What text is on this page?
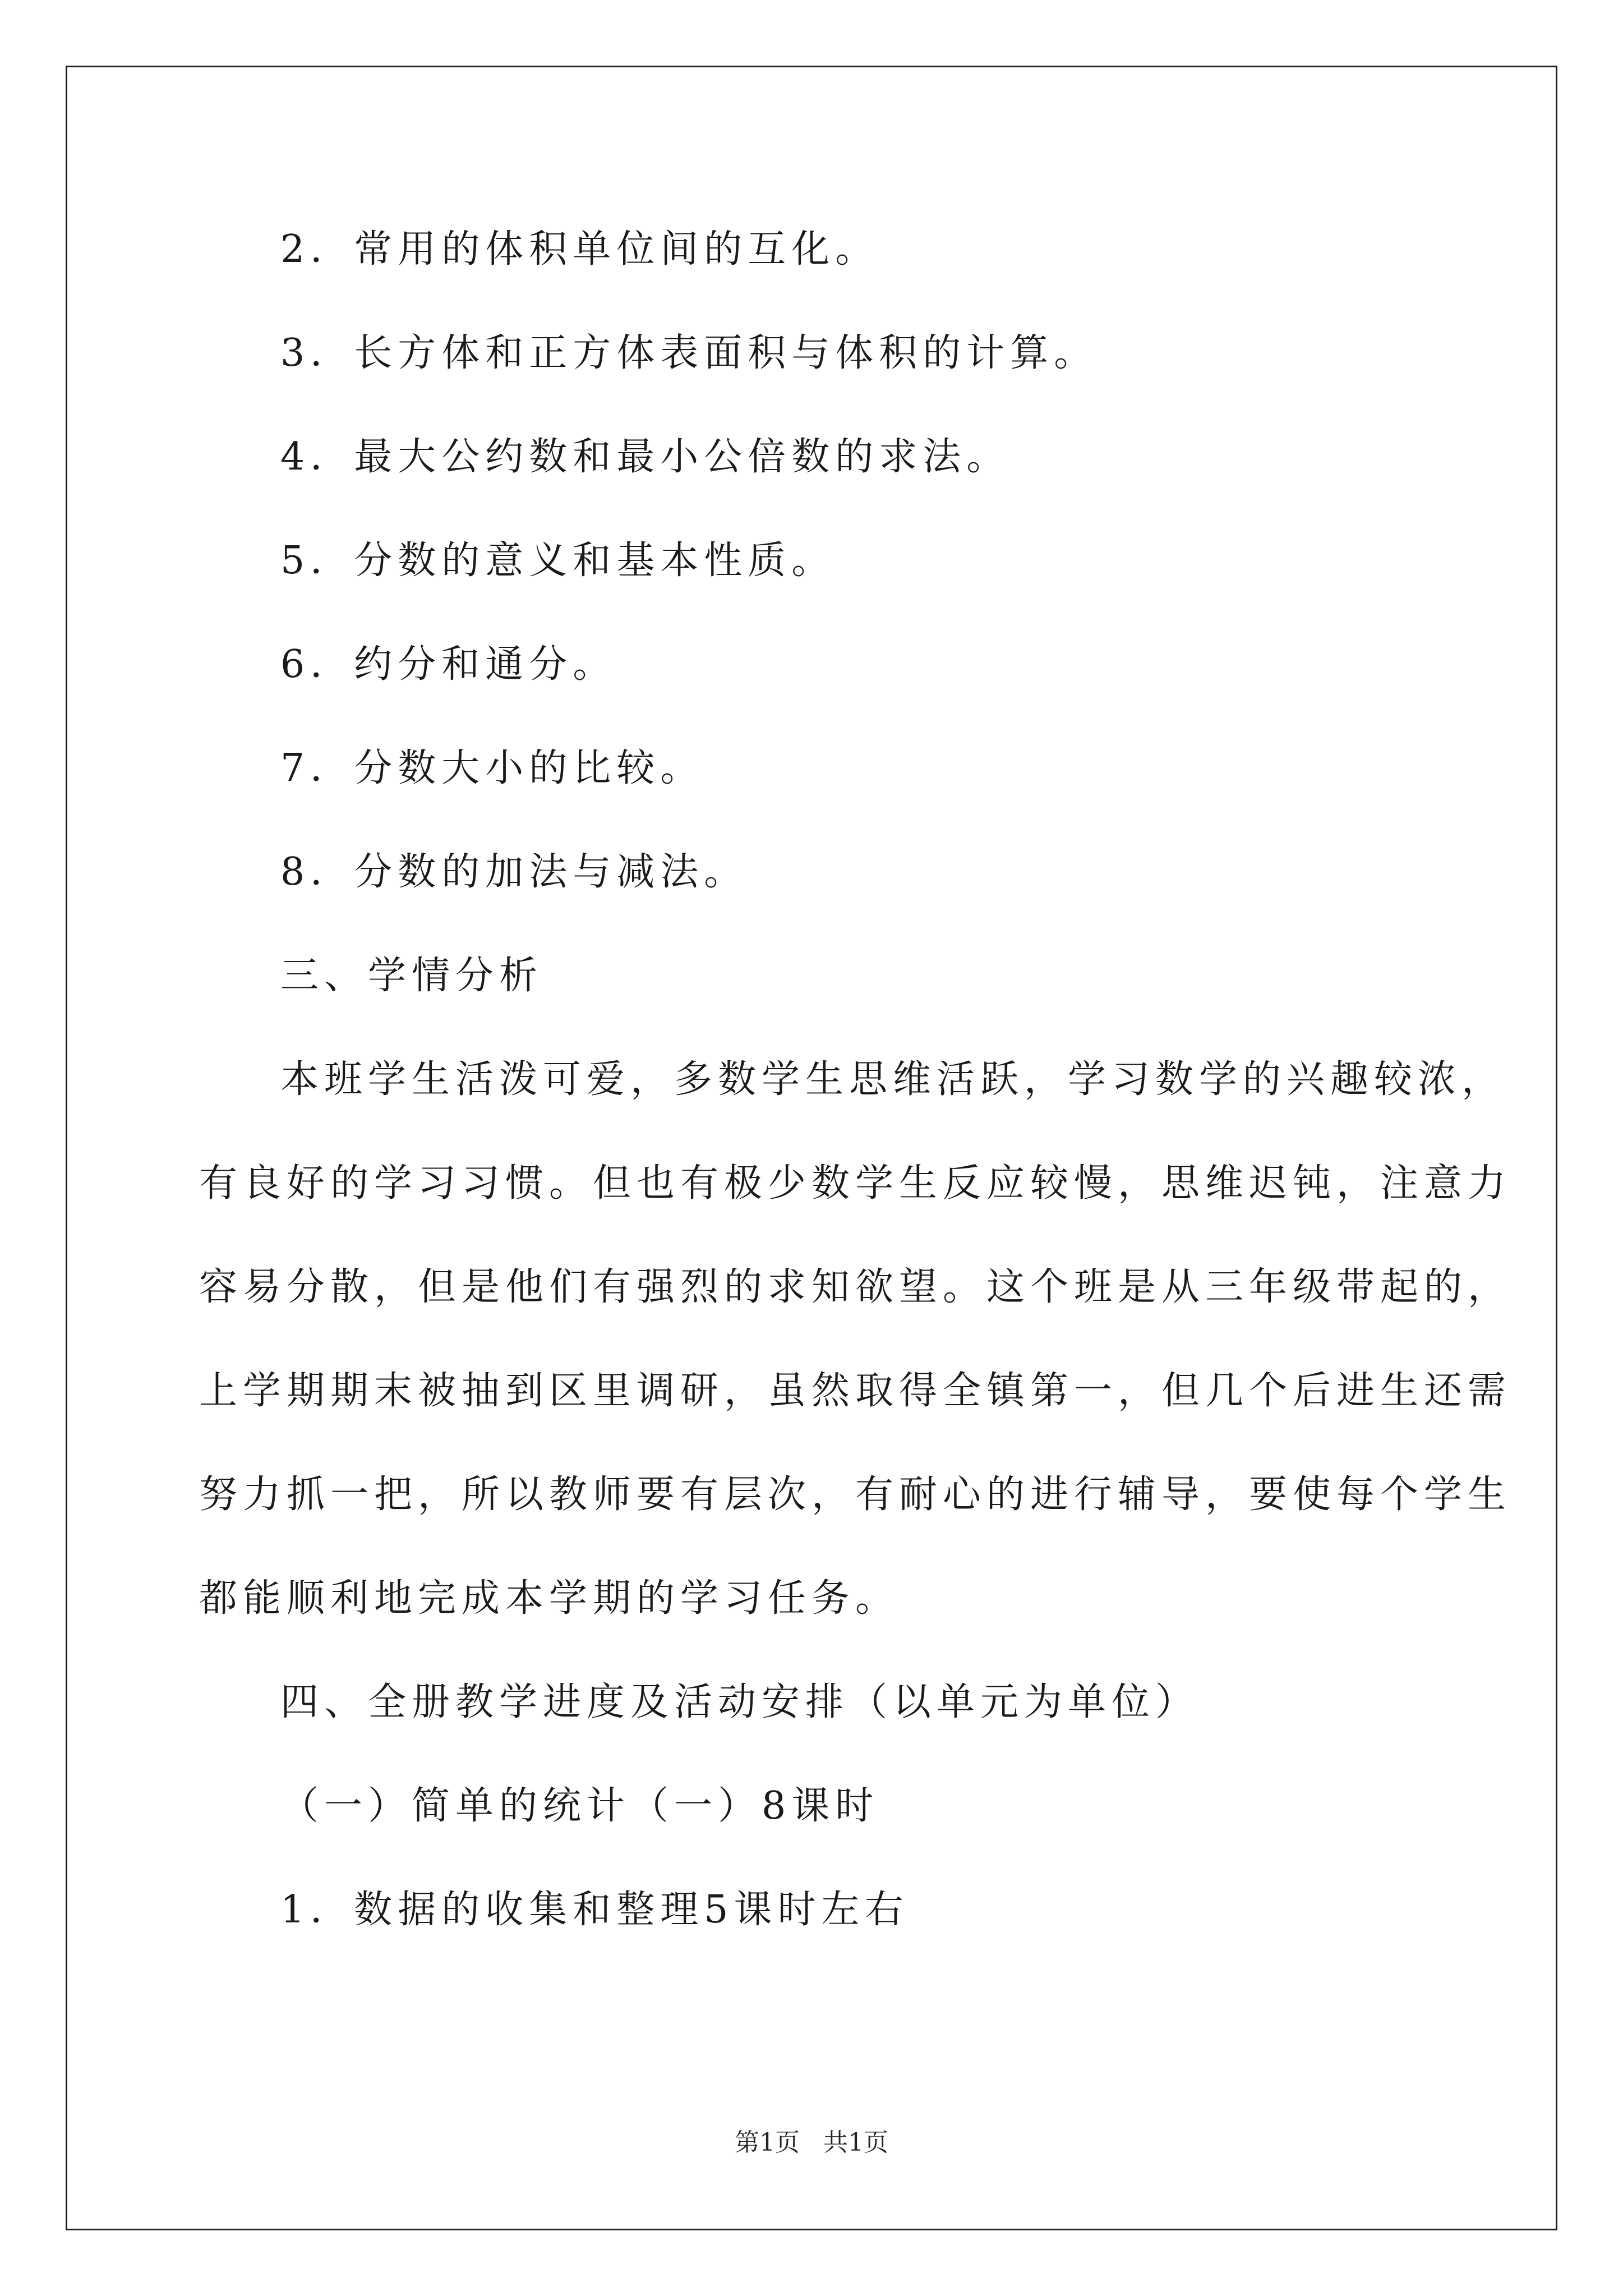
2．常用的体积单位间的互化。

3．长方体和正方体表面积与体积的计算。

4．最大公约数和最小公倍数的求法。

5．分数的意义和基本性质。

6．约分和通分。

7．分数大小的比较。

8．分数的加法与减法。

三、学情分析

本班学生活泼可爱，多数学生思维活跃，学习数学的兴趣较浓，

有良好的学习习惯。但也有极少数学生反应较慢，思维迟钝，注意力

容易分散，但是他们有强烈的求知欲望。这个班是从三年级带起的，

上学期期末被抽到区里调研，虽然取得全镇第一，但几个后进生还需

努力抓一把，所以教师要有层次，有耐心的进行辅导，要使每个学生

都能顺利地完成本学期的学习任务。

四、全册教学进度及活动安排（以单元为单位）

（一）简单的统计（一）8课时

1．数据的收集和整理5课时左右

第1页   共1页
